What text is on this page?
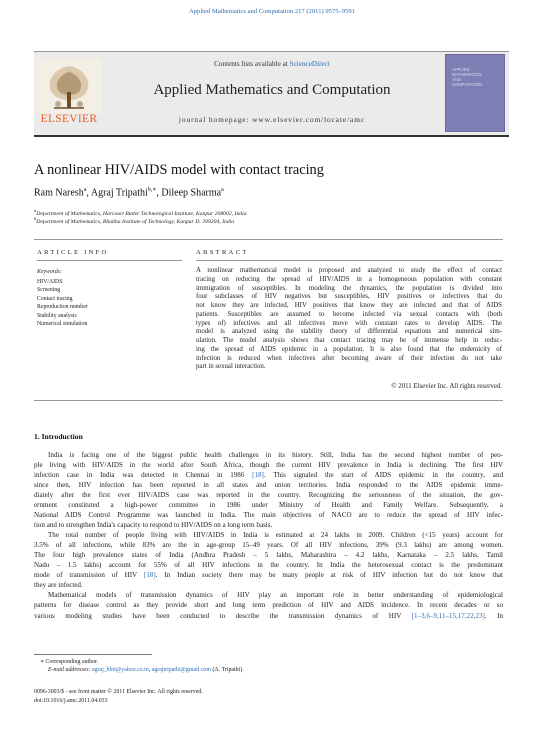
Applied Mathematics and Computation 217 (2011) 9575–9591
ELSEVIER
Contents lists available at ScienceDirect
Applied Mathematics and Computation
journal homepage: www.elsevier.com/locate/amc
APPLIED
MATHEMATICS
AND
COMPUTATION
A nonlinear HIV/AIDS model with contact tracing
Ram Naresh$^a$, Agraj Tripathi$^{b,∗}$, Dileep Sharma$^a$
$^a$Department of Mathematics, Harcourt Butler Technological Institute, Kanpur 208002, India
$^b$Department of Mathematics, Bhabha Institute of Technology, Kanpur D. 209204, India
ARTICLE INFO	ABSTRACT
Keywords:
HIV/AIDS
Screening
Contact tracing
Reproduction number
Stability analysis
Numerical simulation
A nonlinear mathematical model is proposed and analyzed to study the effect of contact
tracing on reducing the spread of HIV/AIDS in a homogeneous population with constant
immigration of susceptibles. In modeling the dynamics, the population is divided into
four subclasses of HIV negatives but susceptibles, HIV positives or infectives that do
not know they are infected, HIV positives that know they are infected and that of AIDS
patients. Susceptibles are assumed to become infected via sexual contacts with (both
types of) infectives and all infectives move with constant rates to develop AIDS. The
model is analyzed using the stability theory of differential equations and numerical sim-
ulation. The model analysis shows that contact tracing may be of immense help in reduc-
ing the spread of AIDS epidemic in a population. It is also found that the endemicity of
infection is reduced when infectives after becoming aware of their infection do not take
part in sexual interaction.
© 2011 Elsevier Inc. All rights reserved.
1. Introduction
India is facing one of the biggest public health challenges in its history. Still, India has the second highest number of peo-
ple living with HIV/AIDS in the world after South Africa, though the current HIV prevalence in India is declining. The first HIV
infection case in India was detected in Chennai in 1986 [18]. This signaled the start of AIDS epidemic in the country, and
since then, HIV infection has been reported in all states and union territories. India responded to the AIDS epidemic imme-
diately after the first ever HIV/AIDS case was reported in the country. Recognizing the seriousness of the situation, the gov-
ernment constituted a high-power committee in 1986 under Ministry of Health and Family Welfare. Subsequently, a
National AIDS Control Programme was launched in India. The main objectives of NACO are to reduce the spread of HIV infec-
tion and to strengthen India's capacity to respond to HIV/AIDS on a long term basis.
The total number of people living with HIV/AIDS in India is estimated at 24 lakhs in 2009. Children (<15 years) account for
3.5% of all infections, while 83% are the in age-group 15–49 years. Of all HIV infections, 39% (9.3 lakhs) are among women.
The four high prevalence states of India (Andhra Pradesh – 5 lakhs, Maharashtra – 4.2 lakhs, Karnataka – 2.5 lakhs, Tamil
Nadu – 1.5 lakhs) account for 55% of all HIV infections in the country. In India the heterosexual contact is the predominant
mode of transmission of HIV [18]. In Indian society there may be many people at risk of HIV infection but do not know that
they are infected.
Mathematical models of transmission dynamics of HIV play an important role in better understanding of epidemiological
patterns for disease control as they provide short and long term prediction of HIV and AIDS incidence. In recent decades or so
various modeling studies have been conducted to describe the transmission dynamics of HIV [1–3,6–9,11–15,17,22,23]. In
∗ Corresponding author.
E-mail addresses: agraj_hbti@yahoo.co.in, agrajtripathi@gmail.com (A. Tripathi).
0096-3003/$ - see front matter © 2011 Elsevier Inc. All rights reserved.
doi:10.1016/j.amc.2011.04.033
